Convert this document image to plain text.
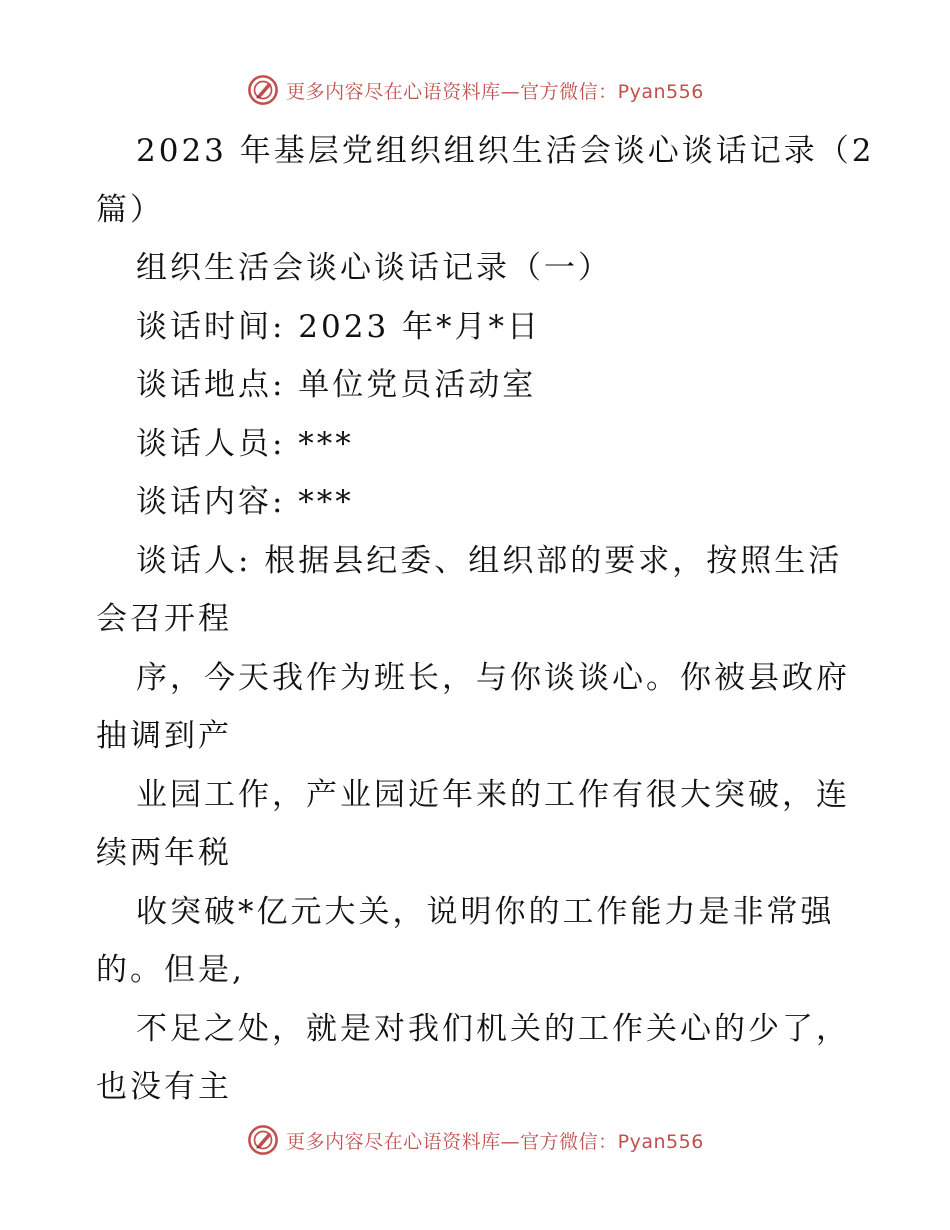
更多内容尽在心语资料库—官方微信：Pyan556
2023 年基层党组织组织生活会谈心谈话记录（2
篇）
组织生活会谈心谈话记录（一）
谈话时间: 2023 年*月*日
谈话地点: 单位党员活动室
谈话人员: ***
谈话内容: ***
谈话人: 根据县纪委、组织部的要求，按照生活
会召开程
序，今天我作为班长，与你谈谈心。你被县政府
抽调到产
业园工作，产业园近年来的工作有很大突破，连
续两年税
收突破*亿元大关，说明你的工作能力是非常强
的。但是,
不足之处，就是对我们机关的工作关心的少了，
也没有主
更多内容尽在心语资料库—官方微信：Pyan556
